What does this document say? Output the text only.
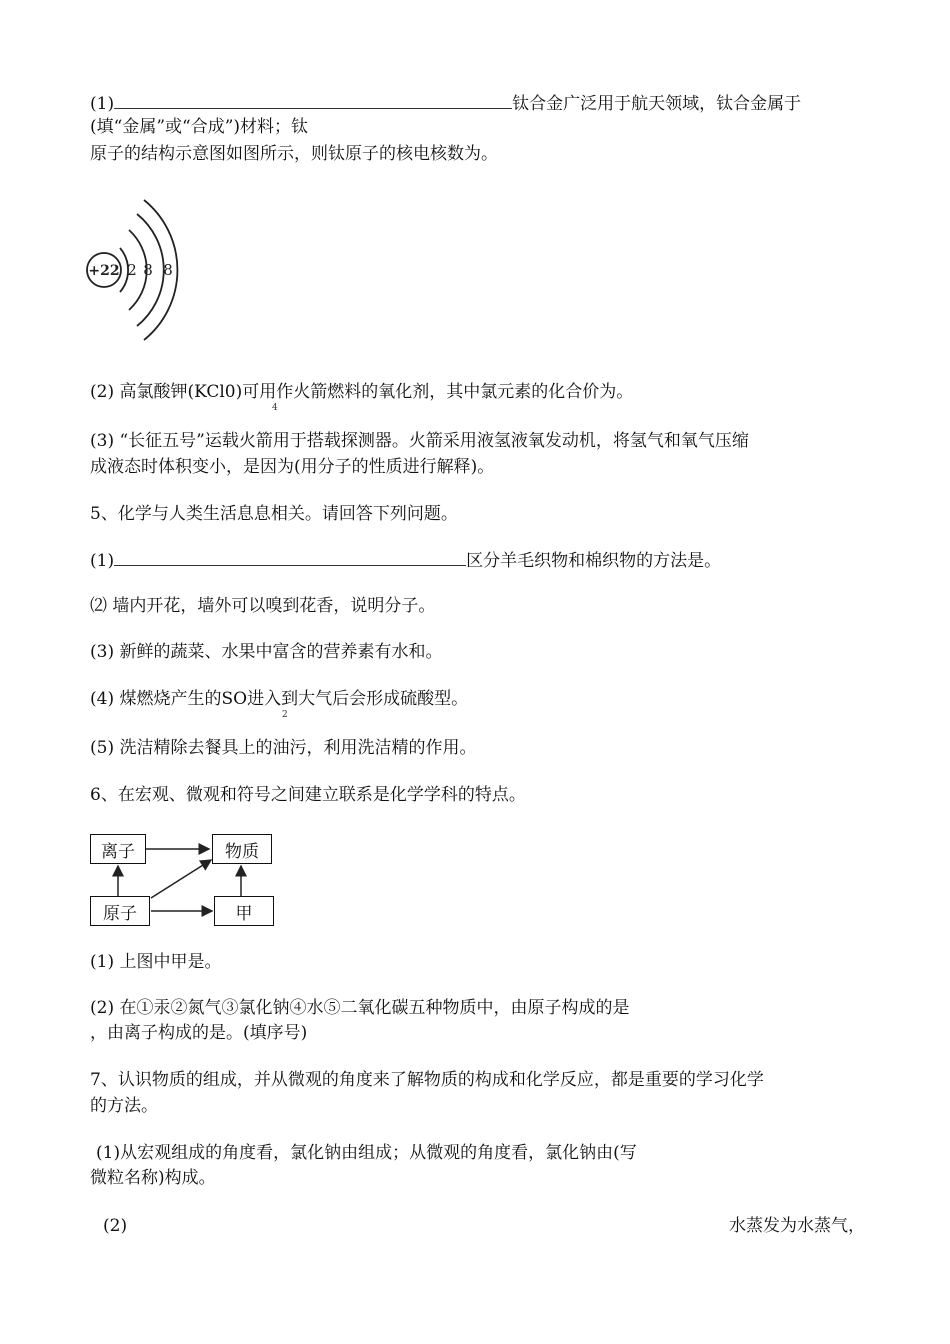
(1)	钛合金广泛用于航天领域，钛合金属于
(填“金属”或“合成”)材料；钛
原子的结构示意图如图所示，则钛原子的核电核数为。
+22 2 8 8
(2) 高氯酸钾(KCl0)可用作火箭燃料的氧化剂，其中氯元素的化合价为。
4
(3) “长征五号”运载火箭用于搭载探测器。火箭采用液氢液氧发动机，将氢气和氧气压缩
成液态时体积变小，是因为(用分子的性质进行解释)。
5、化学与人类生活息息相关。请回答下列问题。
(1)	区分羊毛织物和棉织物的方法是。
⑵ 墙内开花，墙外可以嗅到花香，说明分子。
(3) 新鲜的蔬菜、水果中富含的营养素有水和。
(4) 煤燃烧产生的SO进入到大气后会形成硫酸型。
2
(5) 洗洁精除去餐具上的油污，利用洗洁精的作用。
6、在宏观、微观和符号之间建立联系是化学学科的特点。
离子	物质
原子	甲
(1) 上图中甲是。
(2) 在①汞②氮气③氯化钠④水⑤二氧化碳五种物质中，由原子构成的是
，由离子构成的是。(填序号)
7、认识物质的组成，并从微观的角度来了解物质的构成和化学反应，都是重要的学习化学
的方法。
(1)从宏观组成的角度看，氯化钠由组成；从微观的角度看，氯化钠由(写
微粒名称)构成。
(2)	水蒸发为水蒸气，
